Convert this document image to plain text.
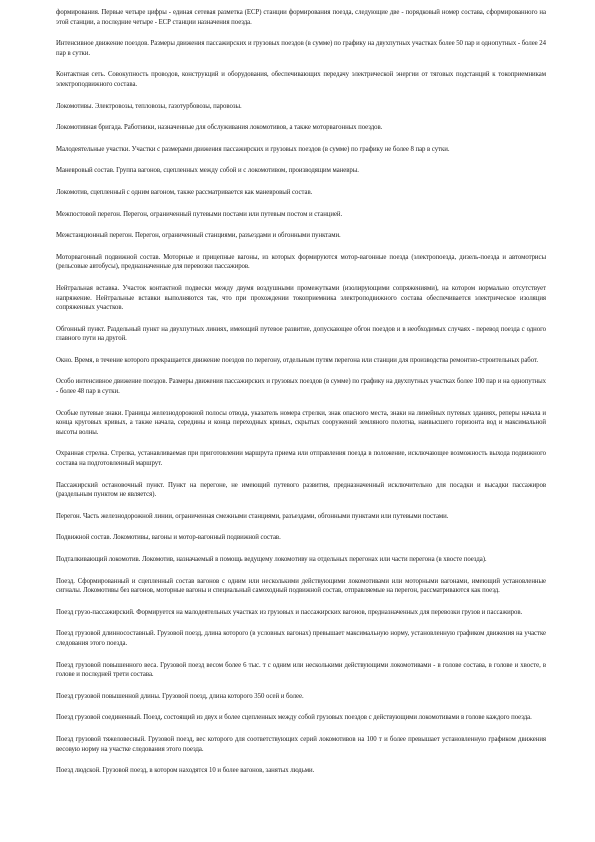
формирования. Первые четыре цифры - единая сетевая разметка (ЕСР) станции формирования поезда, следующие две - порядковый номер состава, сформированного на этой станции, а последние четыре - ЕСР станции назначения поезда.

Интенсивное движение поездов. Размеры движения пассажирских и грузовых поездов (в сумме) по графику на двухпутных участках более 50 пар и однопутных - более 24 пар в сутки.

Контактная сеть. Совокупность проводов, конструкций и оборудования, обеспечивающих передачу электрической энергии от тяговых подстанций к токоприемникам электроподвижного состава.

Локомотивы. Электровозы, тепловозы, газотурбовозы, паровозы.

Локомотивная бригада. Работники, назначенные для обслуживания локомотивов, а также моторвагонных поездов.

Малодеятельные участки. Участки с размерами движения пассажирских и грузовых поездов (в сумме) по графику не более 8 пар в сутки.

Маневровый состав. Группа вагонов, сцепленных между собой и с локомотивом, производящим маневры.

Локомотив, сцепленный с одним вагоном, также рассматривается как маневровый состав.

Межпостовой перегон. Перегон, ограниченный путевыми постами или путевым постом и станцией.

Межстанционный перегон. Перегон, ограниченный станциями, разъездами и обгонными пунктами.

Моторвагонный подвижной состав. Моторные и прицепные вагоны, из которых формируются мотор-вагонные поезда (электропоезда, дизель-поезда и автомотрисы (рельсовые автобусы), предназначенные для перевозки пассажиров.

Нейтральная вставка. Участок контактной подвески между двумя воздушными промежутками (изолирующими сопряжениями), на котором нормально отсутствует напряжение. Нейтральные вставки выполняются так, что при прохождении токоприемника электроподвижного состава обеспечивается электрическое изоляция сопряженных участков.

Обгонный пункт. Раздельный пункт на двухпутных линиях, имеющий путевое развитие, допускающее обгон поездов и в необходимых случаях - перевод поезда с одного главного пути на другой.

Окно. Время, в течение которого прекращается движение поездов по перегону, отдельным путям перегона или станции для производства ремонтно-строительных работ.

Особо интенсивное движение поездов. Размеры движения пассажирских и грузовых поездов (в сумме) по графику на двухпутных участках более 100 пар и на однопутных - более 48 пар в сутки.

Особые путевые знаки. Границы железнодорожной полосы отвода, указатель номера стрелки, знак опасного места, знаки на линейных путевых зданиях, реперы начала и конца круговых кривых, а также начала, середины и конца переходных кривых, скрытых сооружений земляного полотна, наивысшего горизонта вод и максимальной высоты волны.

Охранная стрелка. Стрелка, устанавливаемая при приготовлении маршрута приема или отправления поезда в положение, исключающее возможность выхода подвижного состава на подготовленный маршрут.

Пассажирский остановочный пункт. Пункт на перегоне, не имеющий путевого развития, предназначенный исключительно для посадки и высадки пассажиров (раздельным пунктом не является).

Перегон. Часть железнодорожной линии, ограниченная смежными станциями, разъездами, обгонными пунктами или путевыми постами.

Подвижной состав. Локомотивы, вагоны и мотор-вагонный подвижной состав.

Подталкивающий локомотив. Локомотив, назначаемый в помощь ведущему локомотиву на отдельных перегонах или части перегона (в хвосте поезда).

Поезд. Сформированный и сцепленный состав вагонов с одним или несколькими действующими локомотивами или моторными вагонами, имеющий установленные сигналы. Локомотивы без вагонов, моторные вагоны и специальный самоходный подвижной состав, отправляемые на перегон, рассматриваются как поезд.

Поезд грузо-пассажирский. Формируется на малодеятельных участках из грузовых и пассажирских вагонов, предназначенных для перевозки грузов и пассажиров.

Поезд грузовой длинносоставный. Грузовой поезд, длина которого (в условных вагонах) превышает максимальную норму, установленную графиком движения на участке следования этого поезда.

Поезд грузовой повышенного веса. Грузовой поезд весом более 6 тыс. т с одним или несколькими действующими локомотивами - в голове состава, в голове и хвосте, в голове и последней трети состава.

Поезд грузовой повышенной длины. Грузовой поезд, длина которого 350 осей и более.

Поезд грузовой соединенный. Поезд, состоящий из двух и более сцепленных между собой грузовых поездов с действующими локомотивами в голове каждого поезда.

Поезд грузовой тяжеловесный. Грузовой поезд, вес которого для соответствующих серий локомотивов на 100 т и более превышает установленную графиком движения весовую норму на участке следования этого поезда.

Поезд людской. Грузовой поезд, в котором находятся 10 и более вагонов, занятых людьми.
